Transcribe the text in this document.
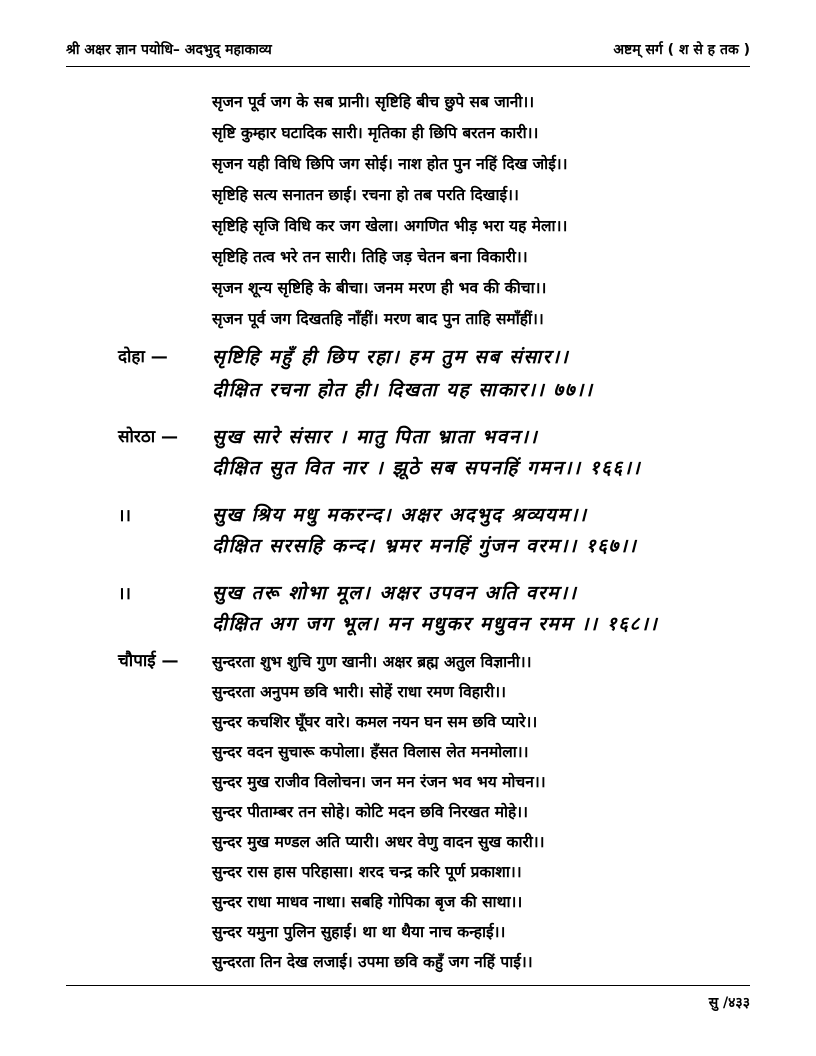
श्री अक्षर ज्ञान पयोधि– अदभुद् महाकाव्य	अष्टम् सर्ग ( श से ह तक )
सृजन पूर्व जग के सब प्रानी। सृष्टिहि बीच छुपे सब जानी।।
सृष्टि कुम्हार घटादिक सारी। मृतिका ही छिपि बरतन कारी।।
सृजन यही विधि छिपि जग सोई। नाश होत पुन नहिं दिख जोई।।
सृष्टिहि सत्य सनातन छाई। रचना हो तब परति दिखाई।।
सृष्टिहि सृजि विधि कर जग खेला। अगणित भीड़ भरा यह मेला।।
सृष्टिहि तत्व भरे तन सारी। तिहि जड़ चेतन बना विकारी।।
सृजन शून्य सृष्टिहि के बीचा। जनम मरण ही भव की कीचा।।
सृजन पूर्व जग दिखतहि नाँहीं। मरण बाद पुन ताहि समाँहीं।।
दोहा — सृष्टिहि महुँ ही छिप रहा। हम तुम सब संसार।।
दीक्षित रचना होत ही। दिखता यह साकार।। ७७।।
सोरठा — सुख सारे संसार । मातु पिता भ्राता भवन।।
दीक्षित सुत वित नार । झूठे सब सपनहिं गमन।। १६६।।
।।	सुख श्रिय मधु मकरन्द। अक्षर अदभुद श्रव्ययम।।
दीक्षित सरसहि कन्द। भ्रमर मनहिं गुंजन वरम।। १६७।।
।।	सुख तरू शोभा मूल। अक्षर उपवन अति वरम।।
दीक्षित अग जग भूल। मन मधुकर मधुवन रमम ।। १६८।।
चौपाई — सुन्दरता शुभ शुचि गुण खानी। अक्षर ब्रह्म अतुल विज्ञानी।।
सुन्दरता अनुपम छवि भारी। सोहें राधा रमण विहारी।।
सुन्दर कचशिर घूँघर वारे। कमल नयन घन सम छवि प्यारे।।
सुन्दर वदन सुचारू कपोला। हँसत विलास लेत मनमोला।।
सुन्दर मुख राजीव विलोचन। जन मन रंजन भव भय मोचन।।
सुन्दर पीताम्बर तन सोहे। कोटि मदन छवि निरखत मोहे।।
सुन्दर मुख मण्डल अति प्यारी। अधर वेणु वादन सुख कारी।।
सुन्दर रास हास परिहासा। शरद चन्द्र करि पूर्ण प्रकाशा।।
सुन्दर राधा माधव नाथा। सबहि गोपिका बृज की साथा।।
सुन्दर यमुना पुलिन सुहाई। था था थैया नाच कन्हाई।।
सुन्दरता तिन देख लजाई। उपमा छवि कहुँ जग नहिं पाई।।
सु /४३३
